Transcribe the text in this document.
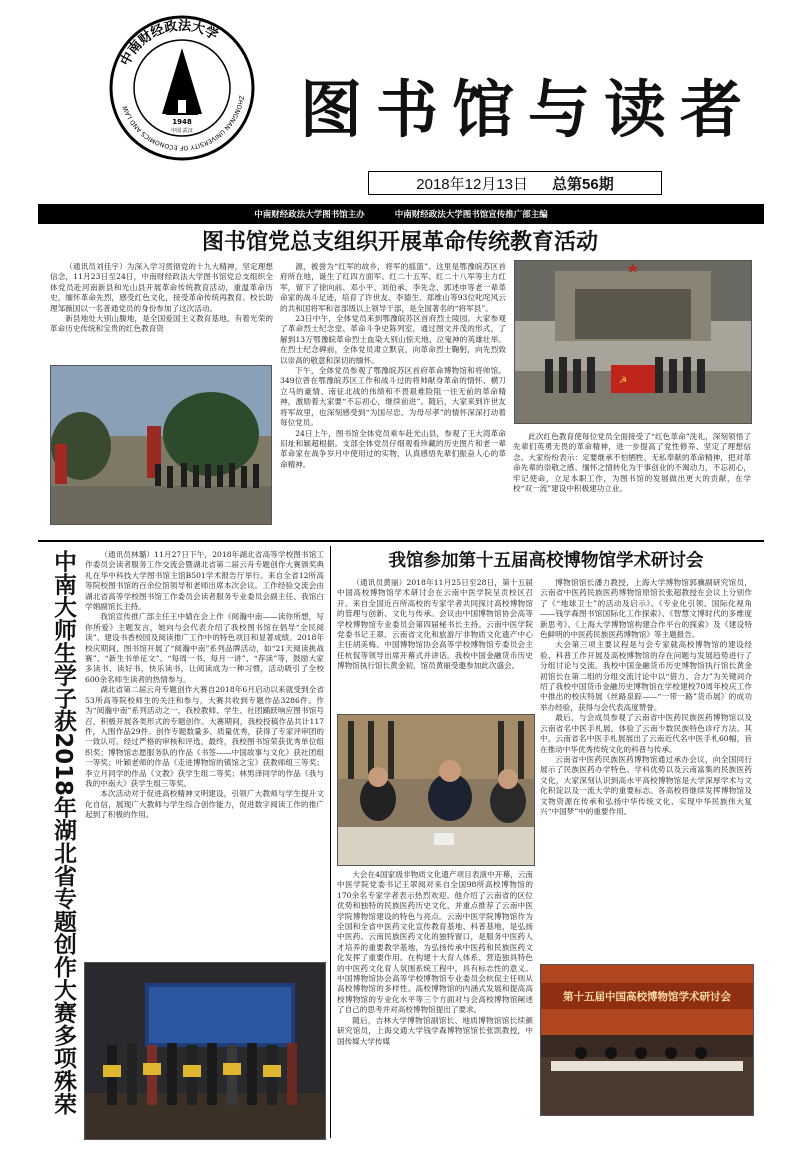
中南财经政法大学
ZHONGNAN UNIVERSITY OF ECONOMICS AND LAW
1948
中国 武汉 图书馆与读者
2018年12月13日 总第56期
中南财经政法大学图书馆主办	中南财经政法大学图书馆宣传推广部主编
图书馆党总支组织开展革命传统教育活动

（通讯员刘佳宇）为深入学习贯彻党的十九大精神，坚定理想信念，11月23日至24日，中南财经政法大学图书馆党总支组织全体党员赴河南新县和光山县开展革命传统教育活动，重温革命历史，缅怀革命先烈，感受红色文化，接受革命传统再教育。校长助理邹薇国以一名普通党员的身份参加了这次活动。

新县地处大别山腹地，是全国爱国主义教育基地，有着光荣的革命历史传统和宝贵的红色教育资

源，被誉为“红军的故乡，将军的摇篮”。这里是鄂豫皖苏区首府所在地，诞生了红四方面军、红二十五军、红二十八军等主力红军，留下了徐向前、邓小平、刘伯承、李先念、郭述申等老一辈革命家的战斗足迹，培育了许世友、李德生、郑维山等93位叱咤风云的共和国将军和省部级以上领导干部，是全国著名的“将军县”。

23日中午，全体党员来到鄂豫皖苏区首府烈士陵园。大家参观了革命烈士纪念堂、革命斗争史陈列室，通过图文并茂的形式，了解到13万鄂豫皖革命烈士血染大别山惊天地、泣鬼神的英雄壮举。在烈士纪念碑前，全体党员肃立默哀，向革命烈士鞠躬，向先烈致以崇高的敬意和深切的缅怀。

下午，全体党员参观了鄂豫皖苏区首府革命博物馆和将帅馆。349位曾在鄂豫皖苏区工作和战斗过的将帅献身革命的情怀、横刀立马的豪情、南征北战的伟绩和不畏艰难险阻一往无前的革命精神，激励着大家要“不忘初心，继续前进”。随后，大家来到许世友将军故里，也深刻感受到“为国尽忠、为母尽孝”的情怀深深打动着每位党员。

24日上午，图书馆全体党员乘车赴光山县，参观了王大湾革命旧址和颖超根据。支部全体党员仔细观看珍藏的历史图片和老一辈革命家在战争岁月中使用过的实物，认真感悟先辈们振奋人心的革命精神。

☭

此次红色教育使每位党员全面接受了“红色革命”洗礼，深刻领悟了先辈们英勇无畏的革命精神，进一步提高了党性修养、坚定了理想信念。大家纷纷表示：定要继承不怕牺牲、无私奉献的革命精神，把对革命先辈的崇敬之感、缅怀之情转化为干事创业的不竭动力，不忘初心，牢记使命，立足本职工作，为图书馆的发展做出更大的贡献，在学校“双一流”建设中积极建功立业。

中南大师生学子获2018年湖北省专题创作大赛多项殊荣	（通讯员林璐）11月27日下午，2018年湖北省高等学校图书馆工作委员会读者服务工作交流会暨湖北省第二届云舟专题创作大赛颁奖典礼在华中科技大学图书馆主馆B501学术报告厅举行。来自全省12所高等院校图书馆的百余位馆领导和老师出席本次会议。工作经验交流会由湖北省高等学校图书馆工作委员会读者服务专业委员会副主任、我馆白学娟副馆长主持。

我馆宣传推广部主任王中婧在会上作《阅瀚中南——读你所想，写你所爱》主题发言，她向与会代表介绍了我校图书馆在倡导“全民阅读”、建设书香校园及阅读推广工作中的特色项目和显著成绩。2018年校庆期间，图书馆开展了“阅瀚中南”系列品牌活动，如“21天阅读挑战赛”、“新生书单征文”、“每周一书、每月一讲”、“荐读”等，鼓励大家多读书、读好书，快乐读书，让阅读成为一种习惯，活动吸引了全校600余名师生读者的热情参与。

湖北省第二届云舟专题创作大赛自2018年6月启动以来就受到全省53所高等院校师生的关注和参与，大赛共收到专题作品3286件。作为“阅瀚中南”系列活动之一，我校教师、学生、社团踊跃响应图书馆号召，积极开展各类形式的专题创作。大赛期间，我校投稿作品共计117件，入围作品29件。创作专题数量多、质量优秀，获得了专家评审团的一致认可。经过严格的审核和评选，最终，我校图书馆荣获优秀单位组织奖；博物馆志愿服务队的作品《书签——中国故事与文化》获社团组一等奖；叶颖老师的作品《走进博物馆的镇馆之宝》获教师组三等奖；李立月同学的作品《文教》获学生组二等奖；林男泽同学的作品《我与我的中南大》获学生组三等奖。

本次活动对于促进高校精神文明建设，引领广大教师与学生提升文化自信，展现广大教师与学生综合创作能力，促进数字阅读工作的推广起到了积极的作用。

我馆参加第十五届高校博物馆学术研讨会

（通讯员黄丽）2018年11月25日至28日，第十五届中国高校博物馆学术研讨会在云南中医学院呈贡校区召开。来自全国近百所高校的专家学者共同探讨高校博物馆的管理与创新、文化与传承。会议由中国博物馆协会高等学校博物馆专业委员会第四届秘书长主持。云南中医学院党委书记王翠、云南省文化和旅游厅非物质文化遗产中心主任胡美梅、中国博物馆协会高等学校博物馆专委员会主任杭侃等领导出席开幕式并讲话。我校中国金融货币历史博物馆执行馆长黄金初，馆员黄丽受邀参加此次盛会。

大会在4国家级非物质文化遗产项目表演中开幕，云南中医学院党委书记王翠阅对来自全国98所高校博物馆的170余名专家学者表示热烈欢迎。他介绍了云南省的区位优势和独特的民族医药历史文化，并重点推荐了云南中医学院博物馆建设的特色与亮点。云南中医学院博物馆作为全国和全省中医药文化宣传教育基地、科普基地，是弘扬中医药、云南民族医药文化的独特窗口，是服务中医药人才培养的重要教学基地，为弘扬传承中医药和民族医药文化发挥了重要作用。在构建十大育人体系、营造独具特色的中医药文化育人氛围系统工程中，具有标志性的意义。中国博物馆协会高等学校博物馆专业委员会杭侃主任则从高校博物馆的多样性、高校博物馆的内涵式发展和提高高校博物馆的专业化水平等三个方面对与会高校博物馆阐述了自己的思考并对高校博物馆提出了要求。

随后，吉林大学博物馆副馆长、地质博物馆馆长续颜研究馆员，上海交通大学钱学森博物馆馆长张凯教授，中国传媒大学传媒

博物馆馆长潘力教授，上海大学博物馆郭骥副研究馆员，云南省中医药民族医药博物馆原馆长张超教授在会议上分别作了《“地球卫士”的活动及启示》、《专业化引领、国际化视角——钱学森图书馆国际化工作探索》、《智慧文博时代的多维度新思考》、《上海大学博物馆构建合作平台的探索》及《建设特色鲜明的中医药民族医药博物馆》等主题报告。

大会第三项主要议程是与会专家就高校博物馆的建设经验、科普工作开展及高校博物馆的存在问题与发展趋势进行了分组讨论与交流。我校中国金融货币历史博物馆执行馆长黄金初馆长在第二组的分组交流讨论中以“借力、合力”为关键词介绍了我校中国货币金融历史博物馆在学校建校70周年校庆工作中推出的校庆特展《丝路泉踪——“一带一路”货币展》的成功举办经验，获得与会代表高度赞誉。

最后，与会成员参观了云南省中医药民族医药博物馆以及云南省名中医手札展，体验了云南少数民族特色诊疗方法。其中，云南省名中医手札展展出了云南近代名中医手札60幅，旨在推动中华优秀传统文化的科普与传承。

云南省中医药民族医药博物馆通过承办会议，向全国同行展示了民族医药办学特色、学科优势以及云南富集的民族医药文化，大家深刻认识到高水平高校博物馆是大学深厚学术与文化积淀以及一流大学的重要标志。各高校将继续发挥博物馆及文物资源在传承和弘扬中华传统文化、实现中华民族伟大复兴“中国梦”中的重要作用。

第十五届中国高校博物馆学术研讨会
